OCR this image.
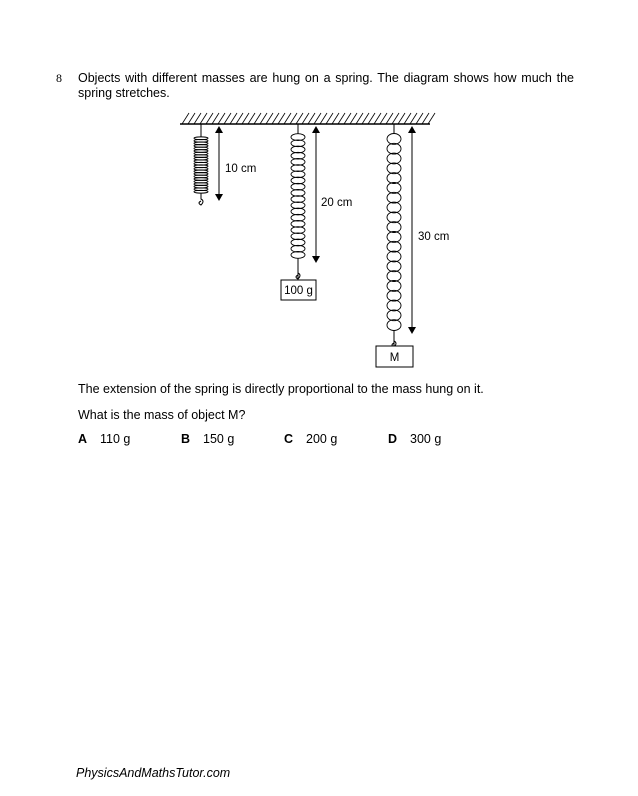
8 Objects with different masses are hung on a spring. The diagram shows how much the spring stretches.
10 cm
20 cm
30 cm
100 g
M
The extension of the spring is directly proportional to the mass hung on it.
What is the mass of object M?
A 110 g	B 150 g	C 200 g	D 300 g
PhysicsAndMathsTutor.com
